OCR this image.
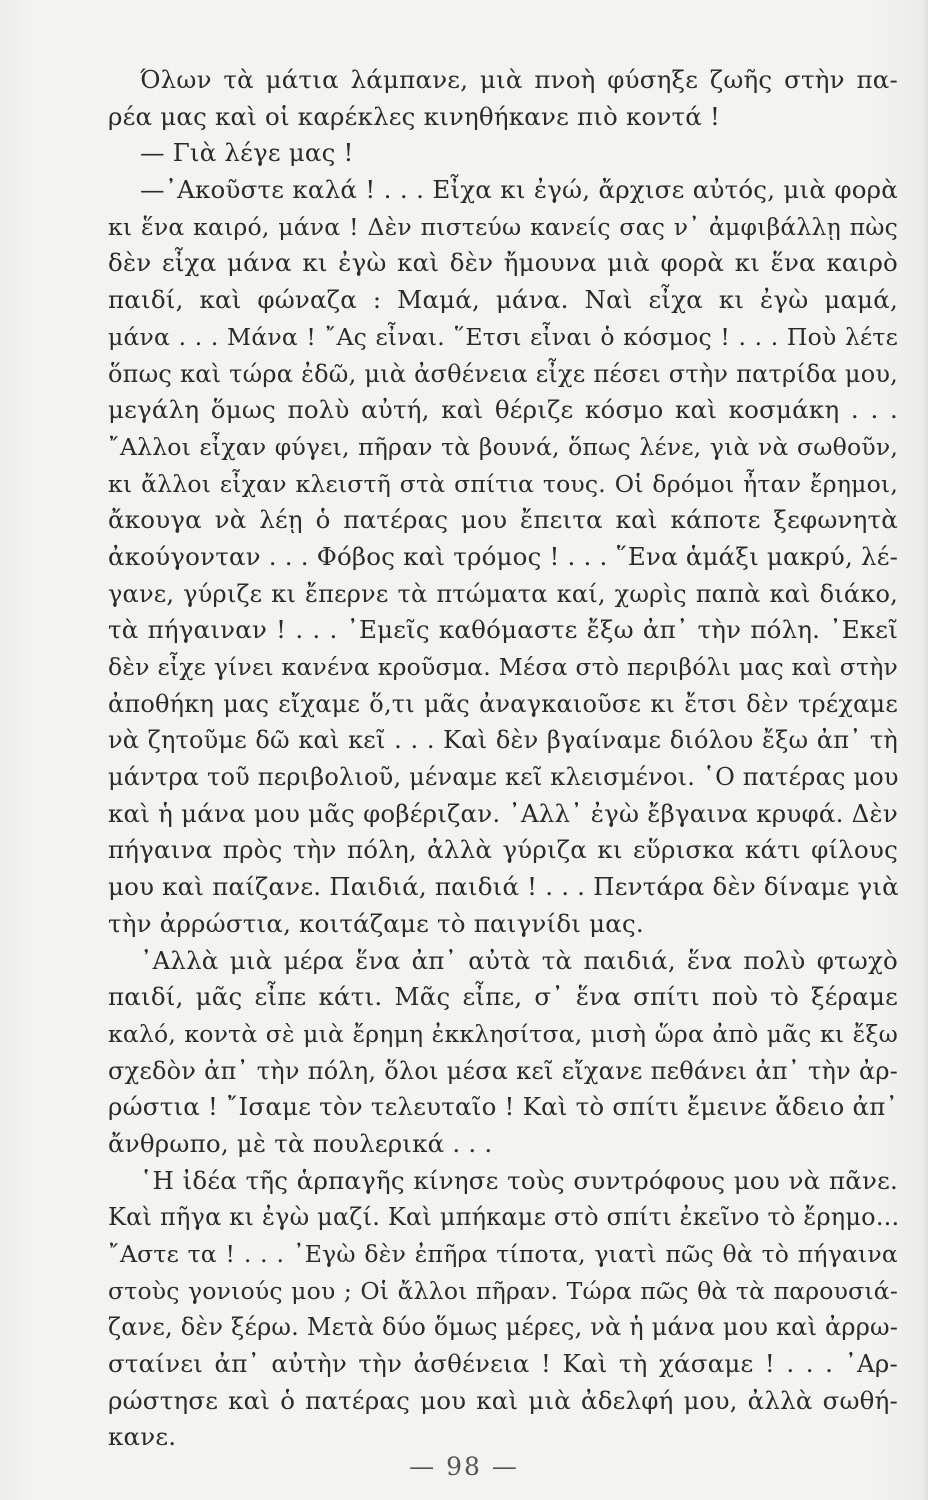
Όλων τὰ μάτια λάμπανε, μιὰ πνοὴ φύσηξε ζωῆς στὴν πα-
ρέα μας καὶ οἱ καρέκλες κινηθήκανε πιὸ κοντά !
— Γιὰ λέγε μας !
—᾿Ακοῦστε καλά ! . . . Εἶχα κι ἐγώ, ἄρχισε αὐτός, μιὰ φορὰ
κι ἕνα καιρό, μάνα ! Δὲν πιστεύω κανείς σας ν᾿ ἀμφιβάλλῃ πὼς
δὲν εἶχα μάνα κι ἐγὼ καὶ δὲν ἤμουνα μιὰ φορὰ κι ἕνα καιρὸ
παιδί, καὶ φώναζα : Μαμά, μάνα. Ναὶ εἶχα κι ἐγὼ μαμά,
μάνα . . . Μάνα ! ῎Ας εἶναι. ῞Ετσι εἶναι ὁ κόσμος ! . . . Ποὺ λέτε
ὅπως καὶ τώρα ἐδῶ, μιὰ ἀσθένεια εἶχε πέσει στὴν πατρίδα μου,
μεγάλη ὅμως πολὺ αὐτή, καὶ θέριζε κόσμο καὶ κοσμάκη . . .
῎Αλλοι εἶχαν φύγει, πῆραν τὰ βουνά, ὅπως λένε, γιὰ νὰ σωθοῦν,
κι ἄλλοι εἶχαν κλειστῆ στὰ σπίτια τους. Οἱ δρόμοι ἦταν ἔρημοι,
ἄκουγα νὰ λέῃ ὁ πατέρας μου ἔπειτα καὶ κάποτε ξεφωνητὰ
ἀκούγονταν . . . Φόβος καὶ τρόμος ! . . . ῞Ενα ἁμάξι μακρύ, λέ-
γανε, γύριζε κι ἔπερνε τὰ πτώματα καί, χωρὶς παπὰ καὶ διάκο,
τὰ πήγαιναν ! . . . ᾿Εμεῖς καθόμαστε ἔξω ἀπ᾿ τὴν πόλη. ᾿Εκεῖ
δὲν εἶχε γίνει κανένα κροῦσμα. Μέσα στὸ περιβόλι μας καὶ στὴν
ἀποθήκη μας εἴχαμε ὅ,τι μᾶς ἀναγκαιοῦσε κι ἔτσι δὲν τρέχαμε
νὰ ζητοῦμε δῶ καὶ κεῖ . . . Καὶ δὲν βγαίναμε διόλου ἔξω ἀπ᾿ τὴ
μάντρα τοῦ περιβολιοῦ, μέναμε κεῖ κλεισμένοι. ῾Ο πατέρας μου
καὶ ἡ μάνα μου μᾶς φοβέριζαν. ᾿Αλλ᾿ ἐγὼ ἔβγαινα κρυφά. Δὲν
πήγαινα πρὸς τὴν πόλη, ἀλλὰ γύριζα κι εὕρισκα κάτι φίλους
μου καὶ παίζανε. Παιδιά, παιδιά ! . . . Πεντάρα δὲν δίναμε γιὰ
τὴν ἀρρώστια, κοιτάζαμε τὸ παιγνίδι μας.
᾿Αλλὰ μιὰ μέρα ἕνα ἀπ᾿ αὐτὰ τὰ παιδιά, ἕνα πολὺ φτωχὸ
παιδί, μᾶς εἶπε κάτι. Μᾶς εἶπε, σ᾿ ἕνα σπίτι ποὺ τὸ ξέραμε
καλό, κοντὰ σὲ μιὰ ἔρημη ἐκκλησίτσα, μισὴ ὥρα ἀπὸ μᾶς κι ἔξω
σχεδὸν ἀπ᾿ τὴν πόλη, ὅλοι μέσα κεῖ εἴχανε πεθάνει ἀπ᾿ τὴν ἀρ-
ρώστια ! ῎Ισαμε τὸν τελευταῖο ! Καὶ τὸ σπίτι ἔμεινε ἄδειο ἀπ᾿
ἄνθρωπο, μὲ τὰ πουλερικά . . .
῾Η ἰδέα τῆς ἁρπαγῆς κίνησε τοὺς συντρόφους μου νὰ πᾶνε.
Καὶ πῆγα κι ἐγὼ μαζί. Καὶ μπήκαμε στὸ σπίτι ἐκεῖνο τὸ ἔρημο...
῎Αστε τα ! . . . ᾿Εγὼ δὲν ἐπῆρα τίποτα, γιατὶ πῶς θὰ τὸ πήγαινα
στοὺς γονιούς μου ; Οἱ ἄλλοι πῆραν. Τώρα πῶς θὰ τὰ παρουσιά-
ζανε, δὲν ξέρω. Μετὰ δύο ὅμως μέρες, νὰ ἡ μάνα μου καὶ ἀρρω-
σταίνει ἀπ᾿ αὐτὴν τὴν ἀσθένεια ! Καὶ τὴ χάσαμε ! . . . ᾿Αρ-
ρώστησε καὶ ὁ πατέρας μου καὶ μιὰ ἀδελφή μου, ἀλλὰ σωθή-
κανε.
— 98 —
